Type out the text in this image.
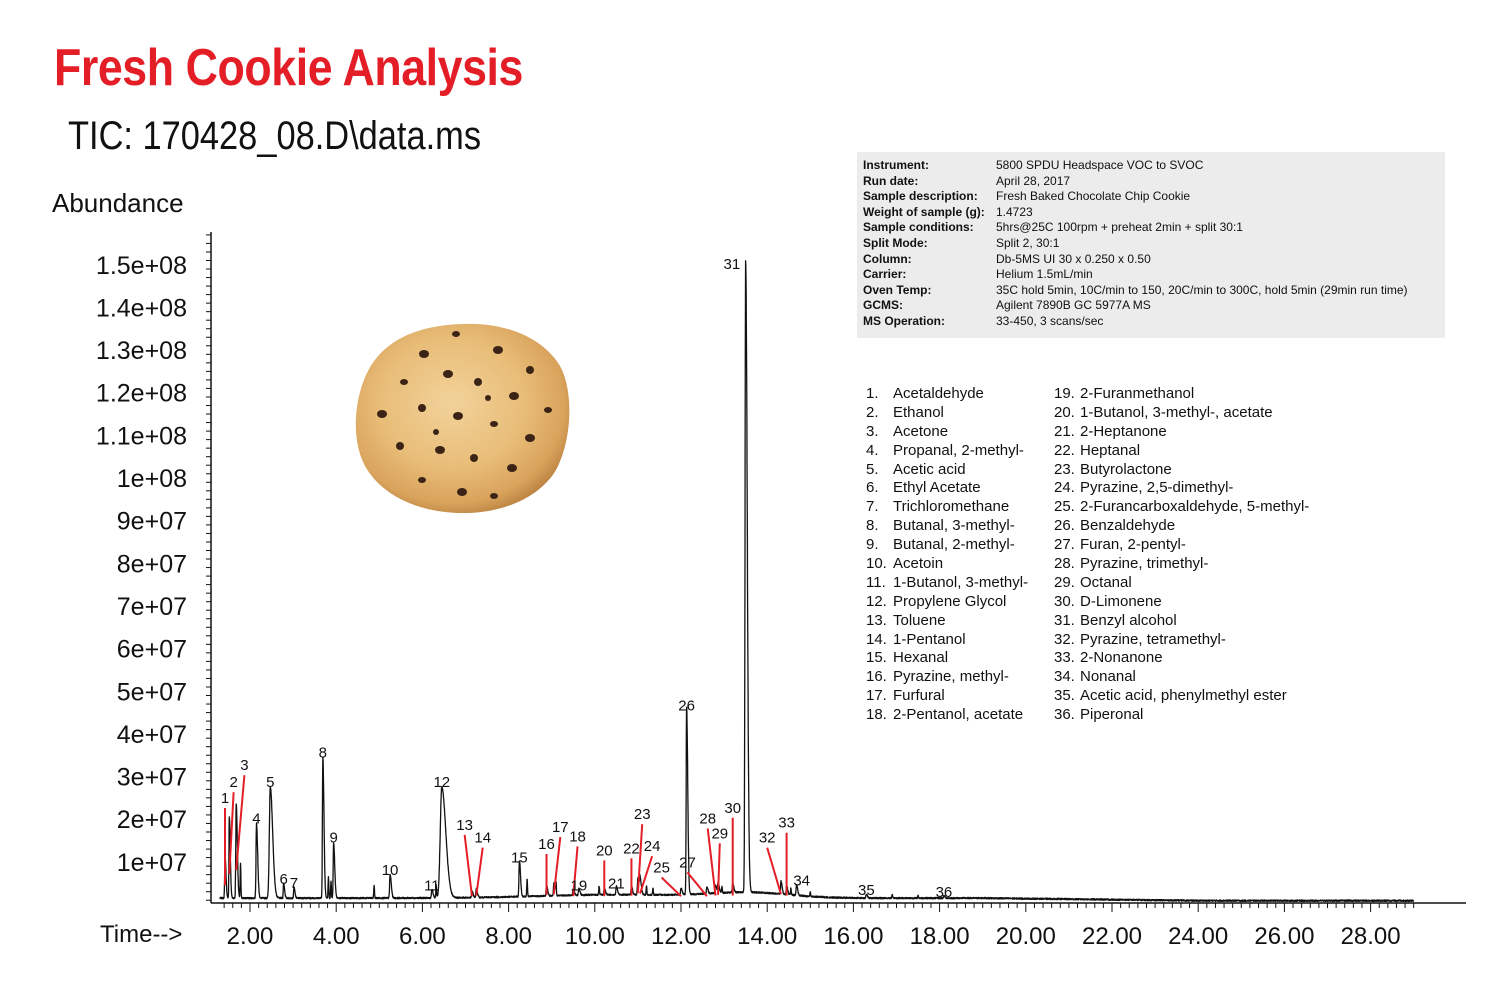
Fresh Cookie Analysis
TIC: 170428_08.D\data.ms
Abundance
2.00 4.00 6.00 8.00 10.00 12.00 14.00 16.00 18.00 20.00 22.00 24.00 26.00 28.00
1e+07
2e+07
3e+07
4e+07
5e+07
6e+07
7e+07
8e+07
9e+07
1e+08
1.1e+08
1.2e+08
1.3e+08
1.4e+08
1.5e+08
1
2
3
4
5
6 7
8
9
10
11
12
13
14
15
16
17
18
19
20
21
22
23
24
25
26
27
28
29
30
31
32
33
34
35	36
Time-->
Instrument:	5800 SPDU Headspace VOC to SVOC
Run date:	April 28, 2017
Sample description:	Fresh Baked Chocolate Chip Cookie
Weight of sample (g): 1.4723
Sample conditions:	5hrs@25C 100rpm + preheat 2min + split 30:1
Split Mode:	Split 2, 30:1
Column:	Db-5MS UI 30 x 0.250 x 0.50
Carrier:	Helium 1.5mL/min
Oven Temp:	35C hold 5min, 10C/min to 150, 20C/min to 300C, hold 5min (29min run time)
GCMS:	Agilent 7890B GC 5977A MS
MS Operation:	33-450, 3 scans/sec
1. Acetaldehyde
2. Ethanol
3. Acetone
4. Propanal, 2-methyl-
5. Acetic acid
6. Ethyl Acetate
7. Trichloromethane
8. Butanal, 3-methyl-
9. Butanal, 2-methyl-
10. Acetoin
11. 1-Butanol, 3-methyl-
12. Propylene Glycol
13. Toluene
14. 1-Pentanol
15. Hexanal
16. Pyrazine, methyl-
17. Furfural
18. 2-Pentanol, acetate
19. 2-Furanmethanol
20. 1-Butanol, 3-methyl-, acetate
21. 2-Heptanone
22. Heptanal
23. Butyrolactone
24. Pyrazine, 2,5-dimethyl-
25. 2-Furancarboxaldehyde, 5-methyl-
26. Benzaldehyde
27. Furan, 2-pentyl-
28. Pyrazine, trimethyl-
29. Octanal
30. D-Limonene
31. Benzyl alcohol
32. Pyrazine, tetramethyl-
33. 2-Nonanone
34. Nonanal
35. Acetic acid, phenylmethyl ester
36. Piperonal
